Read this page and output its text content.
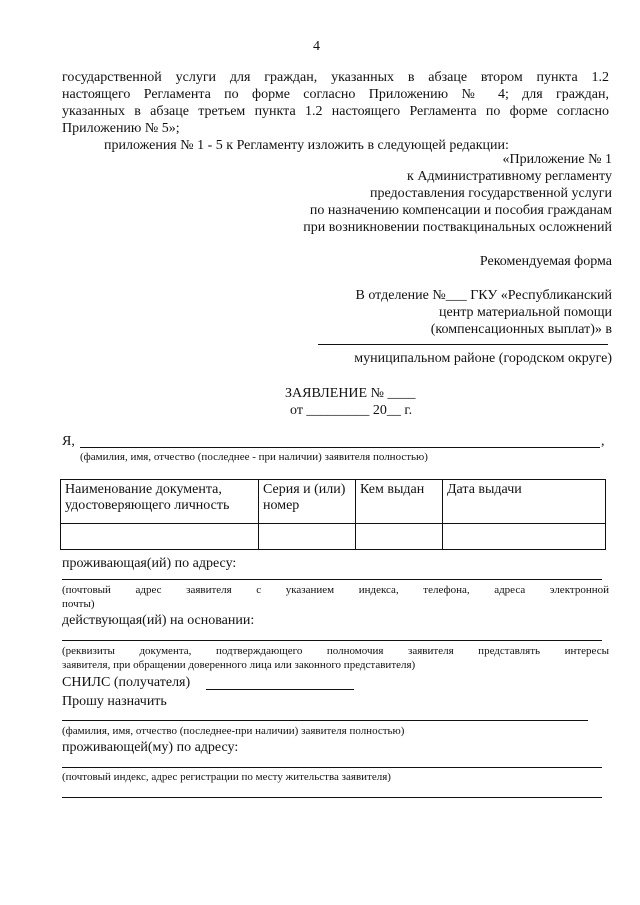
4
государственной услуги для граждан, указанных в абзаце втором пункта 1.2
настоящего Регламента по форме согласно Приложению № 4; для граждан,
указанных в абзаце третьем пункта 1.2 настоящего Регламента по форме согласно
Приложению № 5»;
приложения № 1 - 5 к Регламенту изложить в следующей редакции:
«Приложение № 1
к Административному регламенту
предоставления государственной услуги
по назначению компенсации и пособия гражданам
при возникновении поствакцинальных осложнений
Рекомендуемая форма
В отделение №___ ГКУ «Республиканский
центр материальной помощи
(компенсационных выплат)» в
муниципальном районе (городском округе)
ЗАЯВЛЕНИЕ № ____
от _________ 20__ г.
Я,	,
(фамилия, имя, отчество (последнее - при наличии) заявителя полностью)
Наименование документа, удостоверяющего личность	Серия и (или) номер	Кем выдан	Дата выдачи

проживающая(ий) по адресу:
(почтовый адрес заявителя с указанием индекса, телефона, адреса электронной
почты)
действующая(ий) на основании:
(реквизиты документа, подтверждающего полномочия заявителя представлять интересы
заявителя, при обращении доверенного лица или законного представителя)
СНИЛС (получателя)
Прошу назначить
(фамилия, имя, отчество (последнее-при наличии) заявителя полностью)
проживающей(му) по адресу:
(почтовый индекс, адрес регистрации по месту жительства заявителя)
